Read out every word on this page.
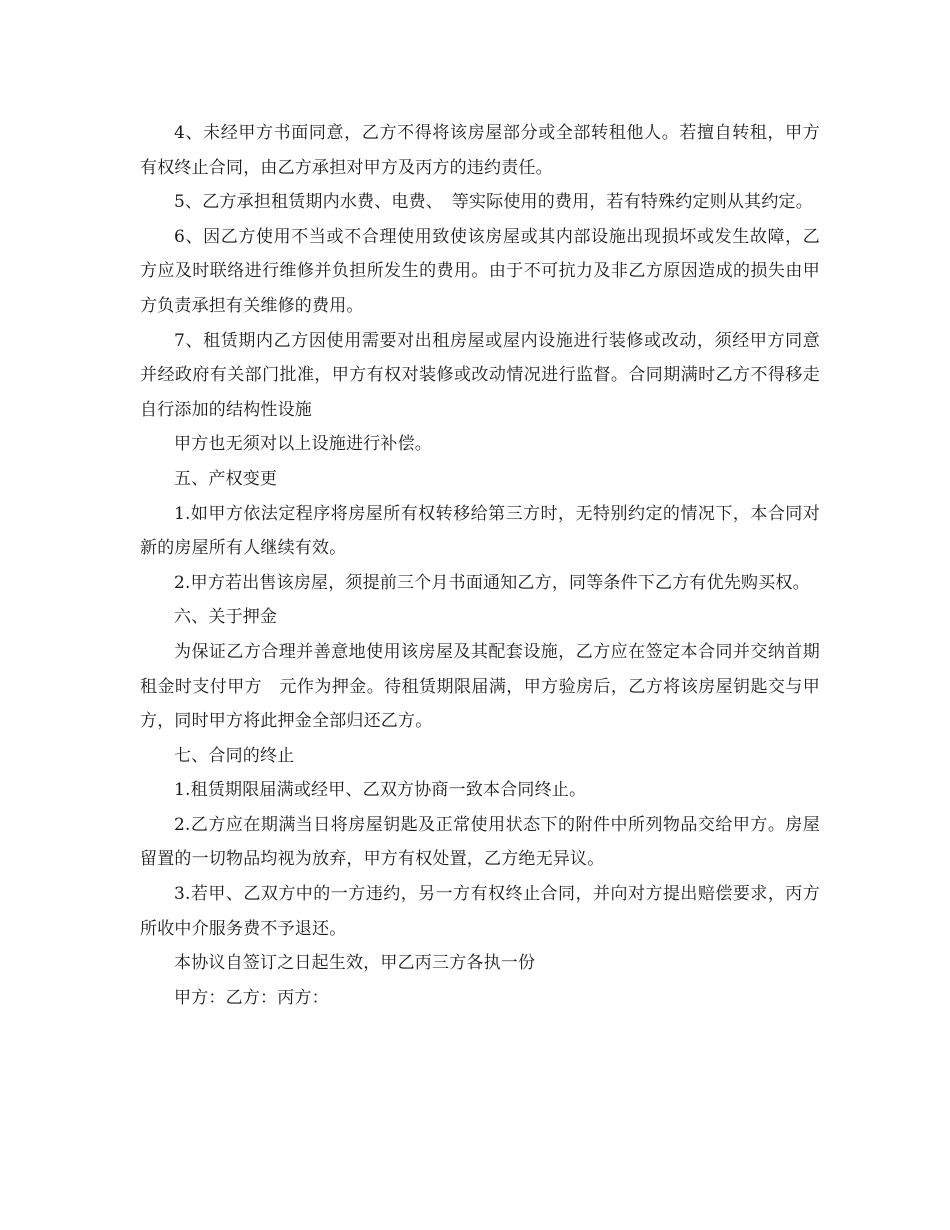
4、未经甲方书面同意，乙方不得将该房屋部分或全部转租他人。若擅自转租，甲方有权终止合同，由乙方承担对甲方及丙方的违约责任。

5、乙方承担租赁期内水费、电费、　等实际使用的费用，若有特殊约定则从其约定。

6、因乙方使用不当或不合理使用致使该房屋或其内部设施出现损坏或发生故障，乙方应及时联络进行维修并负担所发生的费用。由于不可抗力及非乙方原因造成的损失由甲方负责承担有关维修的费用。

7、租赁期内乙方因使用需要对出租房屋或屋内设施进行装修或改动，须经甲方同意并经政府有关部门批准，甲方有权对装修或改动情况进行监督。合同期满时乙方不得移走自行添加的结构性设施

甲方也无须对以上设施进行补偿。

五、产权变更

1.如甲方依法定程序将房屋所有权转移给第三方时，无特别约定的情况下，本合同对新的房屋所有人继续有效。

2.甲方若出售该房屋，须提前三个月书面通知乙方，同等条件下乙方有优先购买权。

六、关于押金

为保证乙方合理并善意地使用该房屋及其配套设施，乙方应在签定本合同并交纳首期租金时支付甲方　元作为押金。待租赁期限届满，甲方验房后，乙方将该房屋钥匙交与甲方，同时甲方将此押金全部归还乙方。

七、合同的终止

1.租赁期限届满或经甲、乙双方协商一致本合同终止。

2.乙方应在期满当日将房屋钥匙及正常使用状态下的附件中所列物品交给甲方。房屋留置的一切物品均视为放弃，甲方有权处置，乙方绝无异议。

3.若甲、乙双方中的一方违约，另一方有权终止合同，并向对方提出赔偿要求，丙方所收中介服务费不予退还。

本协议自签订之日起生效，甲乙丙三方各执一份

甲方：乙方：丙方：
